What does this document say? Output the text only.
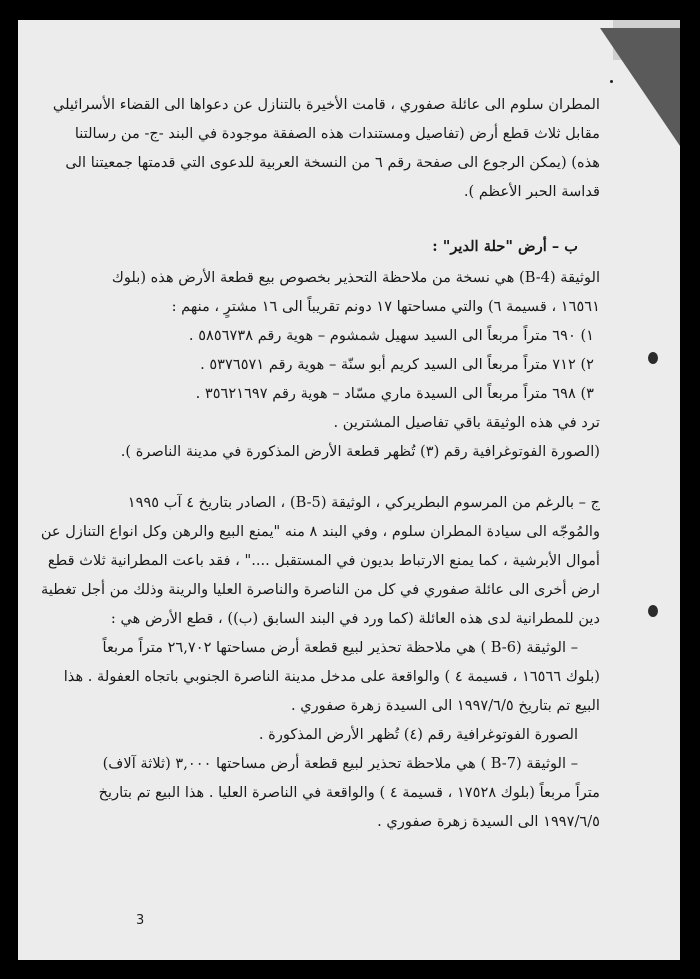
المطران سلوم الى عائلة صفوري ، قامت الأخيرة بالتنازل عن دعواها الى القضاء الأسرائيلي
مقابل ثلاث قطع أرض (تفاصيل ومستندات هذه الصفقة موجودة في البند -ج- من رسالتنا
هذه) (يمكن الرجوع الى صفحة رقم ٦ من النسخة العربية للدعوى التي قدمتها جمعيتنا الى
قداسة الحبر الأعظم ).
ب – أرض "حلة الدير" :
الوثيقة (B-4) هي نسخة من ملاحظة التحذير بخصوص بيع قطعة الأرض هذه (بلوك
١٦٥٦١ ، قسيمة ٦) والتي مساحتها ١٧ دونم تقريباً الى ١٦ مشترٍ ، منهم :
١) ٦٩٠ متراً مربعاً الى السيد سهيل شمشوم – هوية رقم ٥٨٥٦٧٣٨ .
٢) ٧١٢ متراً مربعاً الى السيد كريم أبو سنّة – هوية رقم ٥٣٧٦٥٧١ .
٣) ٦٩٨ متراً مربعاً الى السيدة ماري مسّاد – هوية رقم ٣٥٦٢١٦٩٧ .
ترد في هذه الوثيقة باقي تفاصيل المشترين .
(الصورة الفوتوغرافية رقم (٣) تُظهر قطعة الأرض المذكورة في مدينة الناصرة ).
ج – بالرغم من المرسوم البطريركي ، الوثيقة (B-5) ، الصادر بتاريخ ٤ آب ١٩٩٥
والمُوجّه الى سيادة المطران سلوم ، وفي البند ٨ منه "يمنع البيع والرهن وكل انواع التنازل عن
أموال الأبرشية ، كما يمنع الارتباط بديون في المستقبل ...." ، فقد باعت المطرانية ثلاث قطع
ارض أخرى الى عائلة صفوري في كل من الناصرة والناصرة العليا والرينة وذلك من أجل تغطية
دين للمطرانية لدى هذه العائلة (كما ورد في البند السابق (ب)) ، قطع الأرض هي :
– الوثيقة (B-6 ) هي ملاحظة تحذير لبيع قطعة أرض مساحتها ٢٦,٧٠٢ متراً مربعاً
(بلوك ١٦٥٦٦ ، قسيمة ٤ ) والواقعة على مدخل مدينة الناصرة الجنوبي باتجاه العفولة . هذا
البيع تم بتاريخ ١٩٩٧/٦/٥ الى السيدة زهرة صفوري .
الصورة الفوتوغرافية رقم (٤) تُظهر الأرض المذكورة .
– الوثيقة (B-7 ) هي ملاحظة تحذير لبيع قطعة أرض مساحتها ٣,٠٠٠ (ثلاثة آلاف)
متراً مربعاً (بلوك ١٧٥٢٨ ، قسيمة ٤ ) والواقعة في الناصرة العليا . هذا البيع تم بتاريخ
١٩٩٧/٦/٥ الى السيدة زهرة صفوري .
3
